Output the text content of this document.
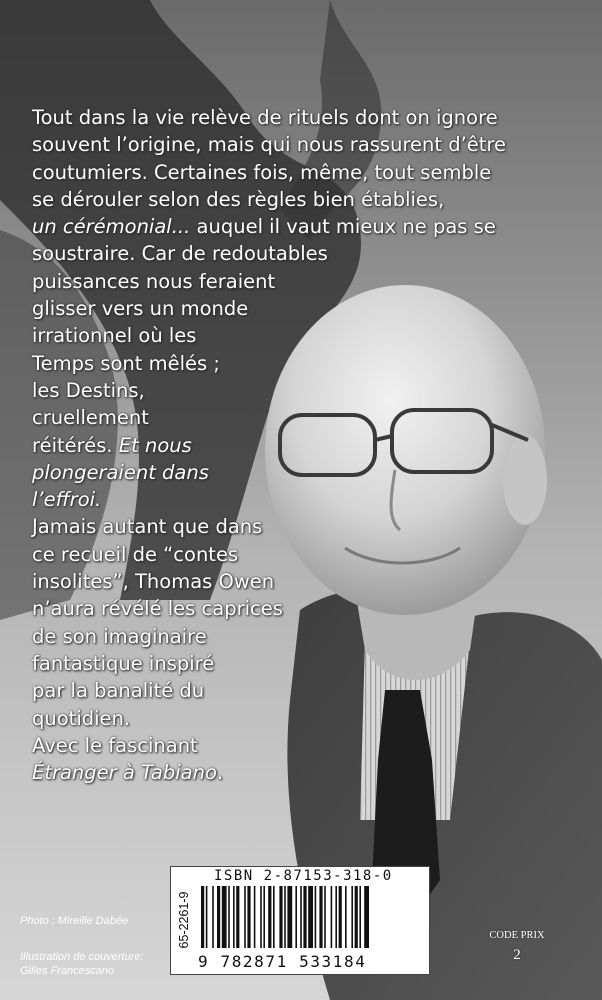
Tout dans la vie relève de rituels dont on ignore
souvent l’origine, mais qui nous rassurent d’être
coutumiers. Certaines fois, même, tout semble
se dérouler selon des règles bien établies,
un cérémonial... auquel il vaut mieux ne pas se
soustraire. Car de redoutables
puissances nous feraient
glisser vers un monde
irrationnel où les
Temps sont mêlés ;
les Destins,
cruellement
réitérés. Et nous
plongeraient dans
l’effroi.
Jamais autant que dans
ce recueil de “contes
insolites”, Thomas Owen
n’aura révélé les caprices
de son imaginaire
fantastique inspiré
par la banalité du
quotidien.
Avec le fascinant
Étranger à Tabiano.
Photo : Mireille Dabée
Illustration de couverture:
Gilles Francescano
65-2261-9
ISBN 2-87153-318-0
9 782871 533184
CODE PRIX
2
